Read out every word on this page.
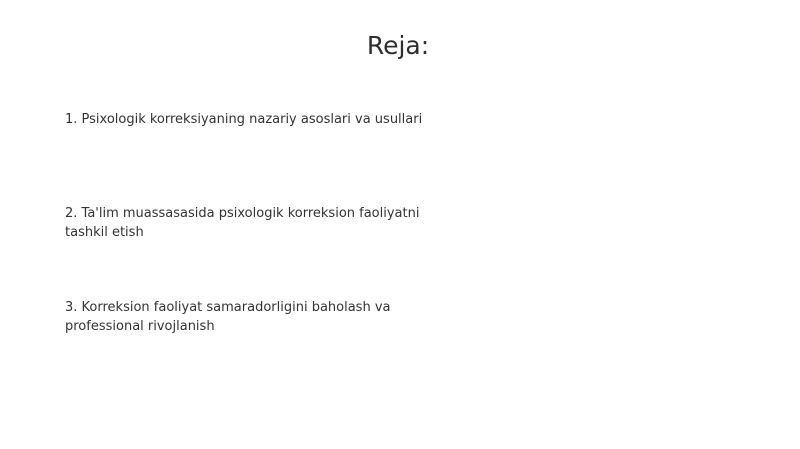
Reja:
1. Psixologik korreksiyaning nazariy asoslari va usullari
2. Ta'lim muassasasida psixologik korreksion faoliyatni tashkil etish
3. Korreksion faoliyat samaradorligini baholash va professional rivojlanish
